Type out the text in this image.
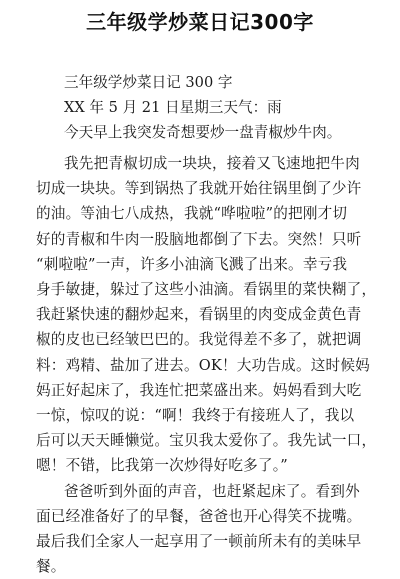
三年级学炒菜日记300字
三年级学炒菜日记 300 字
XX 年 5 月 21 日星期三天气：雨
今天早上我突发奇想要炒一盘青椒炒牛肉。
我先把青椒切成一块块，接着又飞速地把牛肉
切成一块块。等到锅热了我就开始往锅里倒了少许
的油。等油七八成热，我就“哗啦啦”的把刚才切
好的青椒和牛肉一股脑地都倒了下去。突然！只听
“刺啦啦”一声，许多小油滴飞溅了出来。幸亏我
身手敏捷，躲过了这些小油滴。看锅里的菜快糊了，
我赶紧快速的翻炒起来，看锅里的肉变成金黄色青
椒的皮也已经皱巴巴的。我觉得差不多了，就把调
料：鸡精、盐加了进去。OK！大功告成。这时候妈
妈正好起床了，我连忙把菜盛出来。妈妈看到大吃
一惊，惊叹的说：“啊！我终于有接班人了，我以
后可以天天睡懒觉。宝贝我太爱你了。我先试一口，
嗯！不错，比我第一次炒得好吃多了。”
爸爸听到外面的声音，也赶紧起床了。看到外
面已经准备好了的早餐，爸爸也开心得笑不拢嘴。
最后我们全家人一起享用了一顿前所未有的美味早
餐。
